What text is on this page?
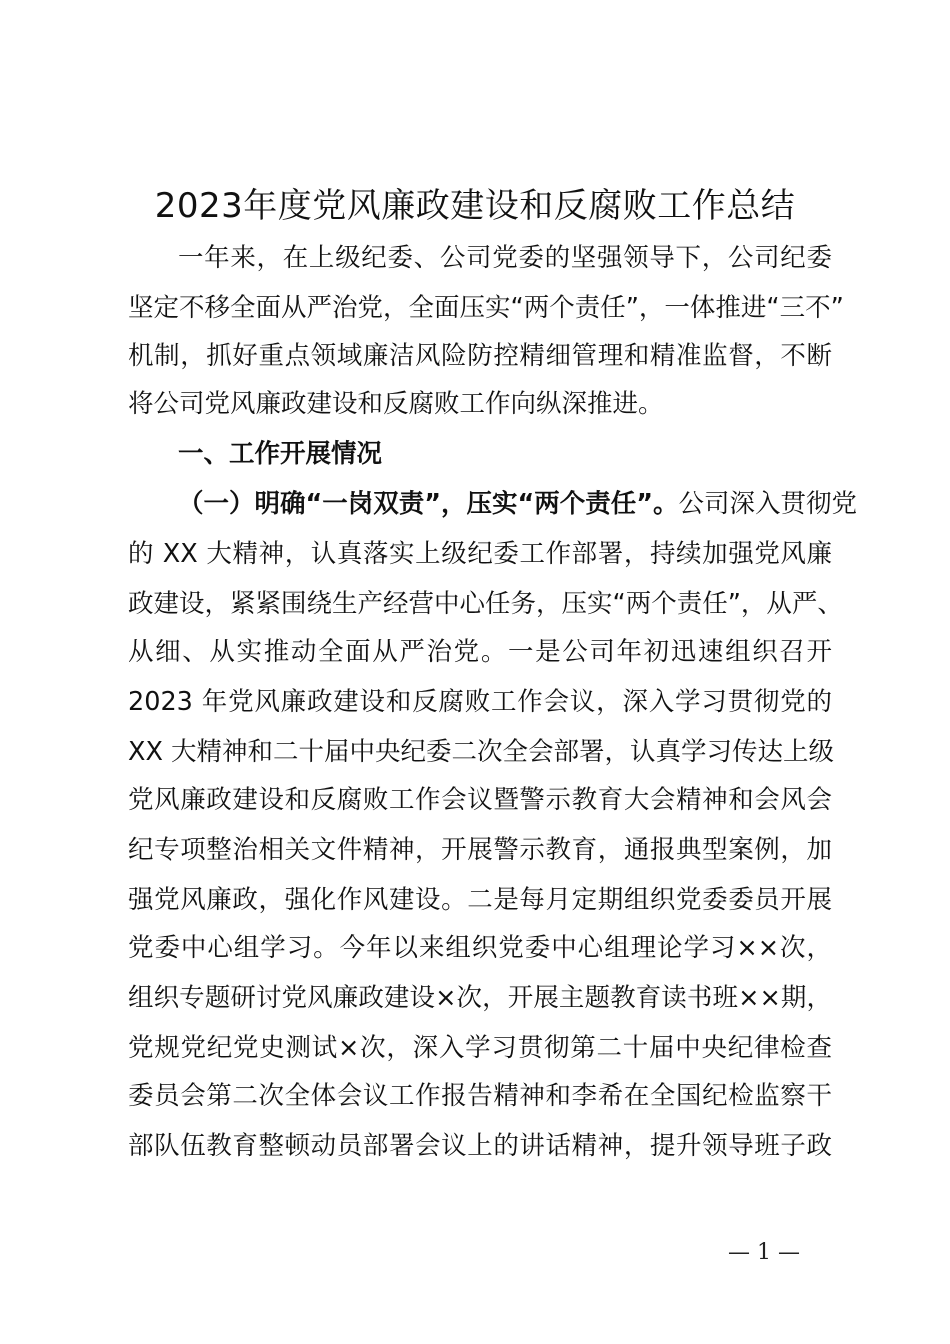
2023年度党风廉政建设和反腐败工作总结

一年来，在上级纪委、公司党委的坚强领导下，公司纪委

坚定不移全面从严治党，全面压实“两个责任”，一体推进“三不”

机制，抓好重点领域廉洁风险防控精细管理和精准监督，不断

将公司党风廉政建设和反腐败工作向纵深推进。

一、工作开展情况

（一）明确“一岗双责”，压实“两个责任”。公司深入贯彻党

的 XX 大精神，认真落实上级纪委工作部署，持续加强党风廉

政建设，紧紧围绕生产经营中心任务，压实“两个责任”，从严、

从细、从实推动全面从严治党。一是公司年初迅速组织召开

2023 年党风廉政建设和反腐败工作会议，深入学习贯彻党的

XX 大精神和二十届中央纪委二次全会部署，认真学习传达上级

党风廉政建设和反腐败工作会议暨警示教育大会精神和会风会

纪专项整治相关文件精神，开展警示教育，通报典型案例，加

强党风廉政，强化作风建设。二是每月定期组织党委委员开展

党委中心组学习。今年以来组织党委中心组理论学习××次，

组织专题研讨党风廉政建设×次，开展主题教育读书班××期，

党规党纪党史测试×次，深入学习贯彻第二十届中央纪律检查

委员会第二次全体会议工作报告精神和李希在全国纪检监察干

部队伍教育整顿动员部署会议上的讲话精神，提升领导班子政

— 1 —
